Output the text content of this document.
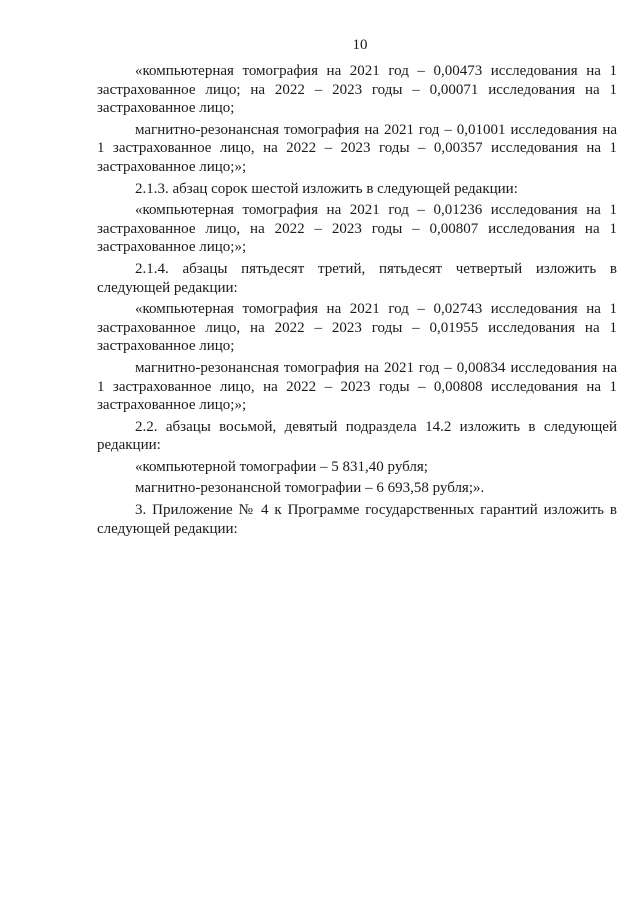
10

«компьютерная томография на 2021 год – 0,00473 исследования на 1 застрахованное лицо; на 2022 – 2023 годы – 0,00071 исследования на 1 застрахованное лицо;

магнитно-резонансная томография на 2021 год – 0,01001 исследования на 1 застрахованное лицо, на 2022 – 2023 годы – 0,00357 исследования на 1 застрахованное лицо;»;

2.1.3. абзац сорок шестой изложить в следующей редакции:

«компьютерная томография на 2021 год – 0,01236 исследования на 1 застрахованное лицо, на 2022 – 2023 годы – 0,00807 исследования на 1 застрахованное лицо;»;

2.1.4. абзацы пятьдесят третий, пятьдесят четвертый изложить в следующей редакции:

«компьютерная томография на 2021 год – 0,02743 исследования на 1 застрахованное лицо, на 2022 – 2023 годы – 0,01955 исследования на 1 застрахованное лицо;

магнитно-резонансная томография на 2021 год – 0,00834 исследования на 1 застрахованное лицо, на 2022 – 2023 годы – 0,00808 исследования на 1 застрахованное лицо;»;

2.2. абзацы восьмой, девятый подраздела 14.2 изложить в следующей редакции:

«компьютерной томографии – 5 831,40 рубля;

магнитно-резонансной томографии – 6 693,58 рубля;».

3. Приложение № 4 к Программе государственных гарантий изложить в следующей редакции:
